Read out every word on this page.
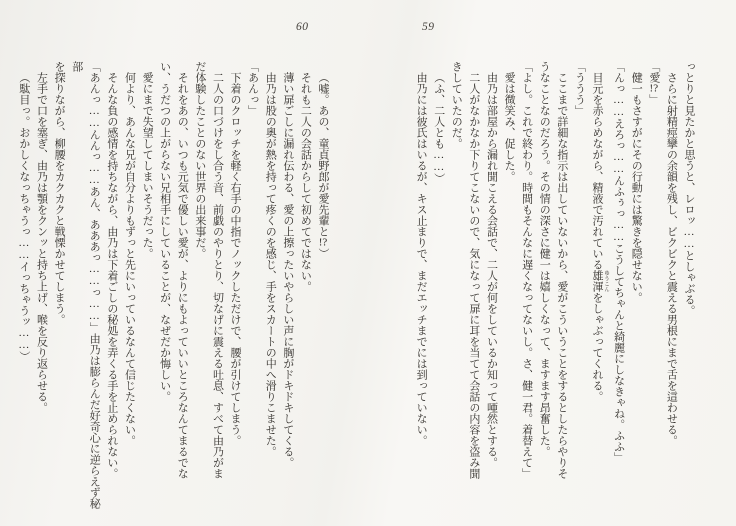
60	59

（嘘。あの、童貞野郎が愛先輩と!?）

それも二人の会話からして初めてではない。

薄い扉ごしに漏れ伝わる、愛の上擦ったいやらしい声に胸がドキドキしてくる。

由乃は股の奥が熱を持って疼くのを感じ、手をスカートの中へ滑りこませた。

「あんっ」

下着のクロッチを軽く右手の中指でノックしただけで、腰が引けてしまう。

二人の口づけをし合う音、前戯のやりとり、切なげに震える吐息、すべて由乃がま

だ体験したことのない世界の出来事だ。

それをあの、いつも元気で優しい愛が、よりにもよっていいところなんてまるでな

い、うだつの上がらない兄相手にしていることが、なぜだか悔しい。

愛にまで失望してしまいそうだった。

何より、あんな兄が自分よりもずっと先にいっているなんて信じたくない。

そんな負の感情を持ちながら、由乃は下着ごしの秘処を弄くる手を止められない。

「あんっ……んんっ……あん、あああっ……っ……」由乃は膨らんだ好奇心に逆らえず秘部

を探りながら、柳腰をカクカクと戦慄かせてしまう。

左手で口を塞ぎ、由乃は顎をクンッと持ち上げ、喉を反り返らせる。

（駄目っ。おかしくなっちゃうっ……イっちゃうッ……）	っとりと見たかと思うと、レロッ……としゃぶる。

さらに射精痙攣の余韻を残し、ビクビクと震える男根にまで舌を這わせる。

「愛!?」

健一もさすがにその行動には驚きを隠せない。

「んっ……えろっ……んふぅっ……こうしてちゃんと綺麗にしなきゃね。ふふ」

目元を赤らめながら、精液で汚れている雄渾 ゆうこんをしゃぶってくれる。

「ううう」

ここまで詳細な指示は出していないから、愛がこういうことをするとしたらやりそ

うなことなのだろう。その情の深さに健一は嬉しくなって、ますます昂奮した。

「よし。これで終わり。時間もそんなに遅くなってないし。さ、健一君。着替えて」

愛は微笑み、促した。

由乃は部屋から漏れ聞こえる会話で、二人が何をしているか知って唖然とする。

二人がなかなか下りてこないので、気になって扉に耳を当てて会話の内容を盗み聞

きしていたのだ。

（ふ、二人とも……）

由乃には彼氏はいるが、キス止まりで、まだエッチまでには到っていない。
